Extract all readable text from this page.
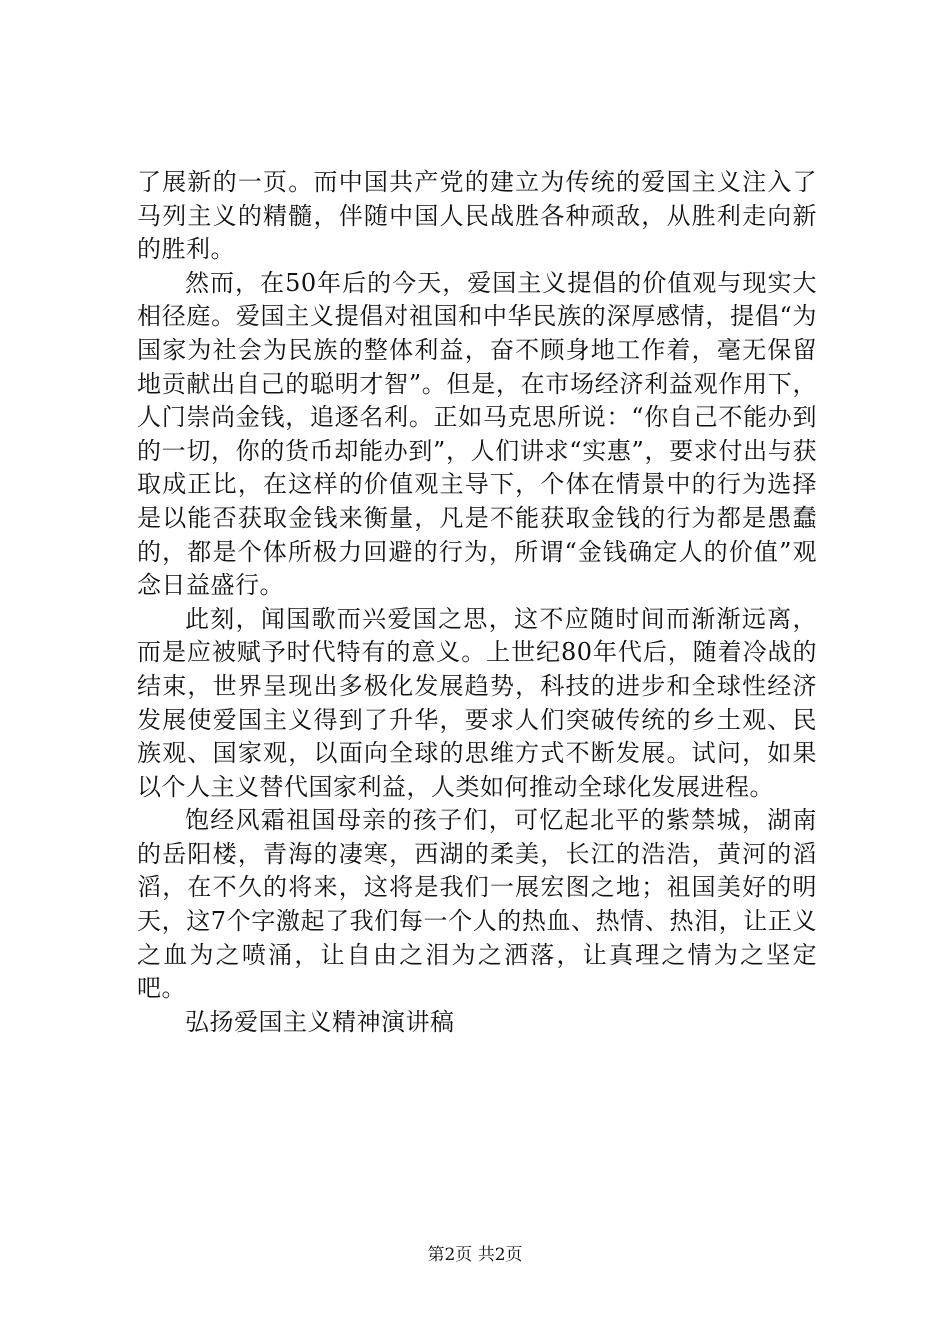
了展新的一页。而中国共产党的建立为传统的爱国主义注入了马列主义的精髓，伴随中国人民战胜各种顽敌，从胜利走向新的胜利。

然而，在50年后的今天，爱国主义提倡的价值观与现实大相径庭。爱国主义提倡对祖国和中华民族的深厚感情，提倡“为国家为社会为民族的整体利益，奋不顾身地工作着，毫无保留地贡献出自己的聪明才智”。但是，在市场经济利益观作用下，人门崇尚金钱，追逐名利。正如马克思所说：“你自己不能办到的一切，你的货币却能办到”，人们讲求“实惠”，要求付出与获取成正比，在这样的价值观主导下，个体在情景中的行为选择是以能否获取金钱来衡量，凡是不能获取金钱的行为都是愚蠢的，都是个体所极力回避的行为，所谓“金钱确定人的价值”观念日益盛行。

此刻，闻国歌而兴爱国之思，这不应随时间而渐渐远离，而是应被赋予时代特有的意义。上世纪80年代后，随着冷战的结束，世界呈现出多极化发展趋势，科技的进步和全球性经济发展使爱国主义得到了升华，要求人们突破传统的乡土观、民族观、国家观，以面向全球的思维方式不断发展。试问，如果以个人主义替代国家利益，人类如何推动全球化发展进程。

饱经风霜祖国母亲的孩子们，可忆起北平的紫禁城，湖南的岳阳楼，青海的凄寒，西湖的柔美，长江的浩浩，黄河的滔滔，在不久的将来，这将是我们一展宏图之地；祖国美好的明天，这7个字激起了我们每一个人的热血、热情、热泪，让正义之血为之喷涌，让自由之泪为之洒落，让真理之情为之坚定吧。

弘扬爱国主义精神演讲稿

第2页 共2页
